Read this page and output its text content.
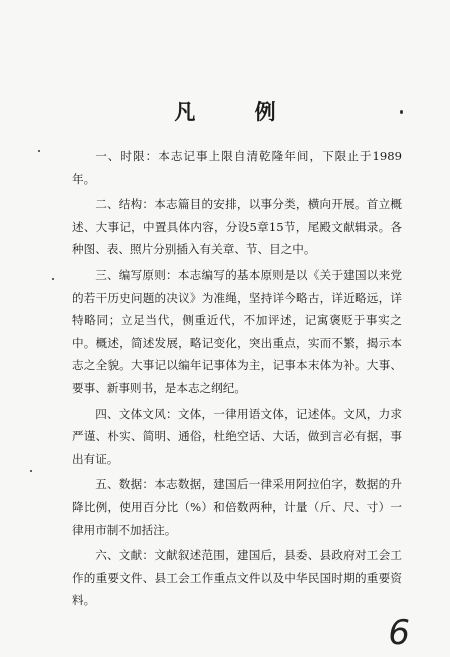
凡 例

一、时限：本志记事上限自清乾隆年间，下限止于1989年。

二、结构：本志篇目的安排，以事分类，横向开展。首立概述、大事记，中置具体内容，分设5章15节，尾殿文献辑录。各种图、表、照片分别插入有关章、节、目之中。

三、编写原则：本志编写的基本原则是以《关于建国以来党的若干历史问题的决议》为准绳，坚持详今略古，详近略远，详特略同；立足当代，侧重近代，不加评述，记寓褒贬于事实之中。概述，简述发展，略记变化，突出重点，实而不繁，揭示本志之全貌。大事记以编年记事体为主，记事本末体为补。大事、要事、新事则书，是本志之纲纪。

四、文体文风：文体，一律用语文体，记述体。文风，力求严谨、朴实、简明、通俗，杜绝空话、大话，做到言必有据，事出有证。

五、数据：本志数据，建国后一律采用阿拉伯字，数据的升降比例，使用百分比（%）和倍数两种，计量（斤、尺、寸）一律用市制不加括注。

六、文献：文献叙述范围，建国后，县委、县政府对工会工作的重要文件、县工会工作重点文件以及中华民国时期的重要资料。

6
